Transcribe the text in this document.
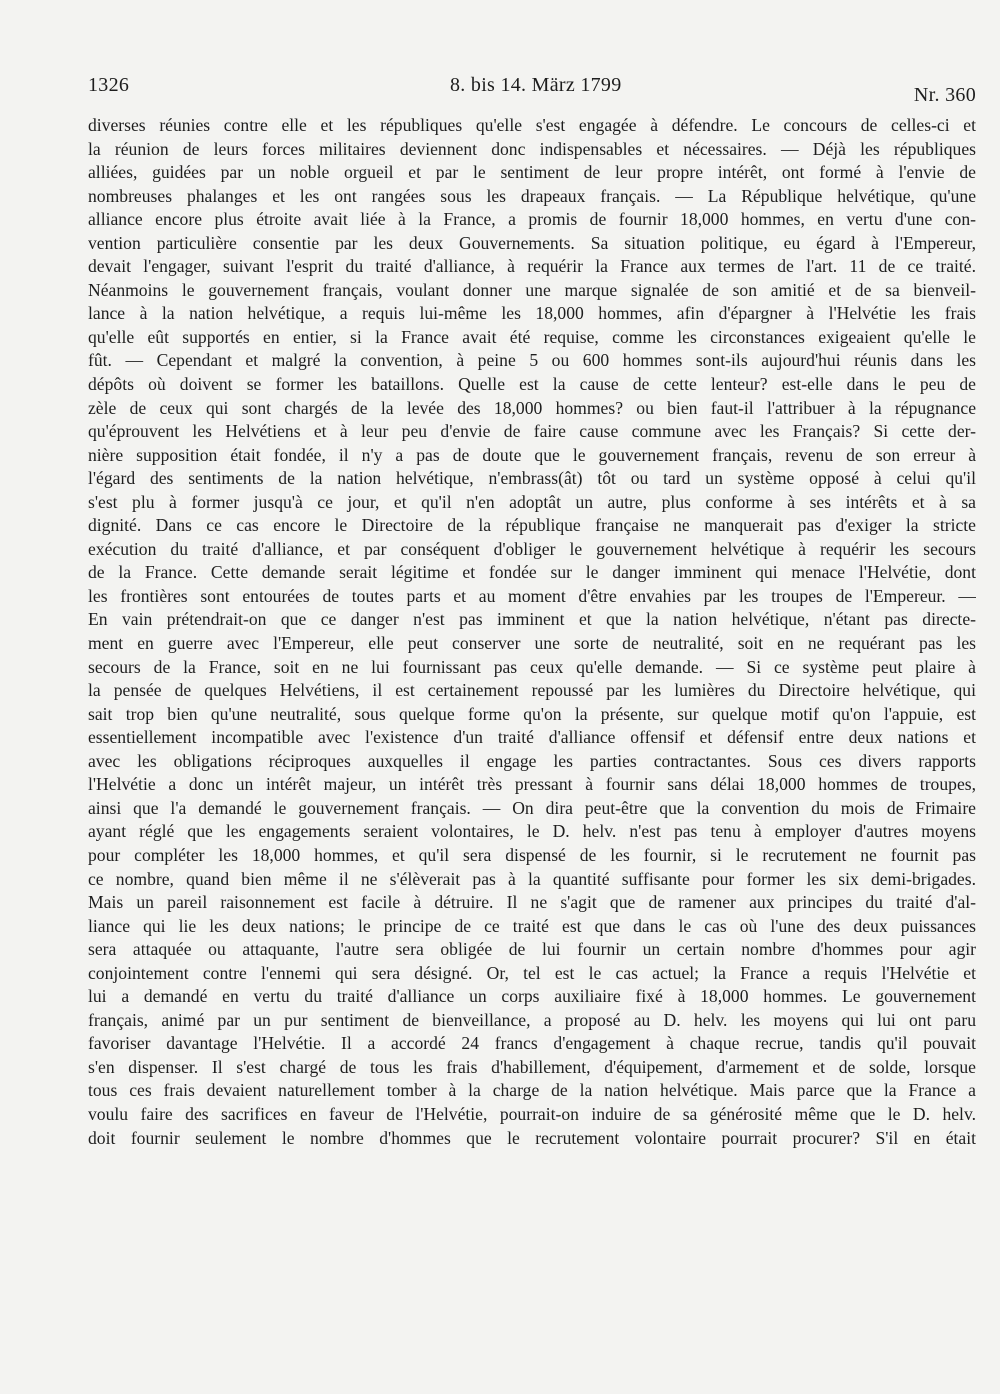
1326	8. bis 14. März 1799	Nr. 360
diverses réunies contre elle et les républiques qu'elle s'est engagée à défendre. Le concours de celles-ci et
la réunion de leurs forces militaires deviennent donc indispensables et nécessaires. — Déjà les républiques
alliées, guidées par un noble orgueil et par le sentiment de leur propre intérêt, ont formé à l'envie de
nombreuses phalanges et les ont rangées sous les drapeaux français. — La République helvétique, qu'une
alliance encore plus étroite avait liée à la France, a promis de fournir 18,000 hommes, en vertu d'une con-
vention particulière consentie par les deux Gouvernements. Sa situation politique, eu égard à l'Empereur,
devait l'engager, suivant l'esprit du traité d'alliance, à requérir la France aux termes de l'art. 11 de ce traité.
Néanmoins le gouvernement français, voulant donner une marque signalée de son amitié et de sa bienveil-
lance à la nation helvétique, a requis lui-même les 18,000 hommes, afin d'épargner à l'Helvétie les frais
qu'elle eût supportés en entier, si la France avait été requise, comme les circonstances exigeaient qu'elle le
fût. — Cependant et malgré la convention, à peine 5 ou 600 hommes sont-ils aujourd'hui réunis dans les
dépôts où doivent se former les bataillons. Quelle est la cause de cette lenteur? est-elle dans le peu de
zèle de ceux qui sont chargés de la levée des 18,000 hommes? ou bien faut-il l'attribuer à la répugnance
qu'éprouvent les Helvétiens et à leur peu d'envie de faire cause commune avec les Français? Si cette der-
nière supposition était fondée, il n'y a pas de doute que le gouvernement français, revenu de son erreur à
l'égard des sentiments de la nation helvétique, n'embrass(ât) tôt ou tard un système opposé à celui qu'il
s'est plu à former jusqu'à ce jour, et qu'il n'en adoptât un autre, plus conforme à ses intérêts et à sa
dignité. Dans ce cas encore le Directoire de la république française ne manquerait pas d'exiger la stricte
exécution du traité d'alliance, et par conséquent d'obliger le gouvernement helvétique à requérir les secours
de la France. Cette demande serait légitime et fondée sur le danger imminent qui menace l'Helvétie, dont
les frontières sont entourées de toutes parts et au moment d'être envahies par les troupes de l'Empereur. —
En vain prétendrait-on que ce danger n'est pas imminent et que la nation helvétique, n'étant pas directe-
ment en guerre avec l'Empereur, elle peut conserver une sorte de neutralité, soit en ne requérant pas les
secours de la France, soit en ne lui fournissant pas ceux qu'elle demande. — Si ce système peut plaire à
la pensée de quelques Helvétiens, il est certainement repoussé par les lumières du Directoire helvétique, qui
sait trop bien qu'une neutralité, sous quelque forme qu'on la présente, sur quelque motif qu'on l'appuie, est
essentiellement incompatible avec l'existence d'un traité d'alliance offensif et défensif entre deux nations et
avec les obligations réciproques auxquelles il engage les parties contractantes. Sous ces divers rapports
l'Helvétie a donc un intérêt majeur, un intérêt très pressant à fournir sans délai 18,000 hommes de troupes,
ainsi que l'a demandé le gouvernement français. — On dira peut-être que la convention du mois de Frimaire
ayant réglé que les engagements seraient volontaires, le D. helv. n'est pas tenu à employer d'autres moyens
pour compléter les 18,000 hommes, et qu'il sera dispensé de les fournir, si le recrutement ne fournit pas
ce nombre, quand bien même il ne s'élèverait pas à la quantité suffisante pour former les six demi-brigades.
Mais un pareil raisonnement est facile à détruire. Il ne s'agit que de ramener aux principes du traité d'al-
liance qui lie les deux nations; le principe de ce traité est que dans le cas où l'une des deux puissances
sera attaquée ou attaquante, l'autre sera obligée de lui fournir un certain nombre d'hommes pour agir
conjointement contre l'ennemi qui sera désigné. Or, tel est le cas actuel; la France a requis l'Helvétie et
lui a demandé en vertu du traité d'alliance un corps auxiliaire fixé à 18,000 hommes. Le gouvernement
français, animé par un pur sentiment de bienveillance, a proposé au D. helv. les moyens qui lui ont paru
favoriser davantage l'Helvétie. Il a accordé 24 francs d'engagement à chaque recrue, tandis qu'il pouvait
s'en dispenser. Il s'est chargé de tous les frais d'habillement, d'équipement, d'armement et de solde, lorsque
tous ces frais devaient naturellement tomber à la charge de la nation helvétique. Mais parce que la France a
voulu faire des sacrifices en faveur de l'Helvétie, pourrait-on induire de sa générosité même que le D. helv.
doit fournir seulement le nombre d'hommes que le recrutement volontaire pourrait procurer? S'il en était
